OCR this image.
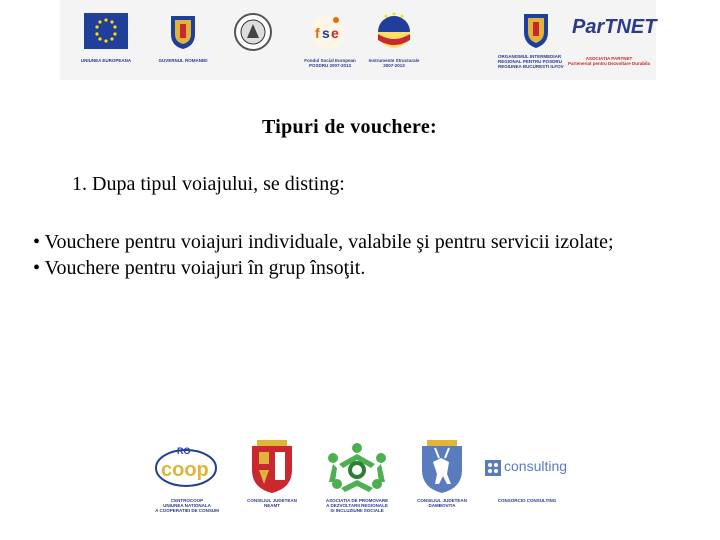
UNIUNEA EUROPEANA	GUVERNUL ROMANIEI
f s e
Fondul Social European
POSDRU 2007-2013
Instrumente Structurale
2007-2013
ORGANISMUL INTERMEDIAR
REGIONAL PENTRU POSDRU
REGIUNEA BUCURESTI ILFOV
ParTNET
ASOCIATIA PARTNET
Parteneriat pentru Dezvoltare Durabila
Tipuri de vouchere:
1. Dupa tipul voiajului, se disting:
• Vouchere pentru voiajuri individuale, valabile şi pentru servicii izolate;
• Vouchere pentru voiajuri în grup însoţit.
coop
RO
CENTROCOOP
UNIUNEA NATIONALA
A COOPERATIEI DE CONSUM
CONSILIUL JUDETEAN
NEAMT
ASOCIATIA DE PROMOVARE
A DEZVOLTARII REGIONALE
SI INCLUZIUNII SOCIALE
CONSILIUL JUDETEAN
DAMBOVITA
consulting
CONSORCIO CONSULTING
